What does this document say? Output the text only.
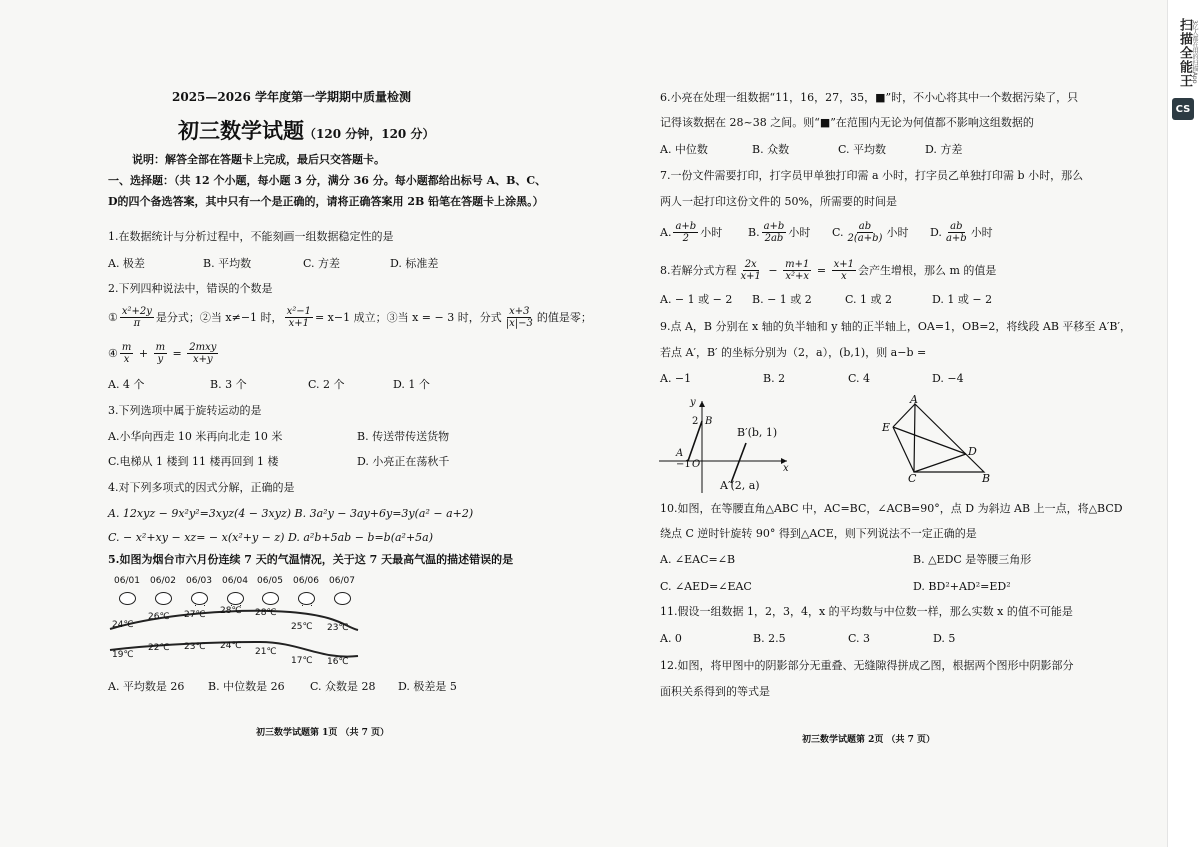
2025—2026 学年度第一学期期中质量检测
初三数学试题（120 分钟，120 分）
说明：解答全部在答题卡上完成，最后只交答题卡。
一、选择题：（共 12 个小题，每小题 3 分，满分 36 分。每小题都给出标号 A、B、C、
D的四个备选答案，其中只有一个是正确的，请将正确答案用 2B 铅笔在答题卡上涂黑。）
1.在数据统计与分析过程中，不能刻画一组数据稳定性的是
A. 极差	B. 平均数	C. 方差	D. 标准差
2.下列四种说法中，错误的个数是
① $\frac{\text{x²+2y}}{\pi}$ 是分式；②当 x≠−1 时， $\frac{\text{x²−1}}{x+1} = x-1$ 成立；③当 x = − 3 时，分式 $\frac{x+3}{|x|-3}$ 的值是零；
④ $\frac{m}{x} + \frac{m}{y} = \frac{\text{2mxy}}{x+y}$
A. 4 个	B. 3 个	C. 2 个	D. 1 个
3.下列选项中属于旋转运动的是
A.小华向西走 10 米再向北走 10 米	B. 传送带传送货物
C.电梯从 1 楼到 11 楼再回到 1 楼	D. 小亮正在荡秋千
4.对下列多项式的因式分解，正确的是
A. 12xyz − 9x²y²=3xyz(4 − 3xyz) B. 3a²y − 3ay+6y=3y(a² − a+2)
C. − x²+xy − xz= − x(x²+y − z) D. a²b+5ab − b=b(a²+5a)
5.如图为烟台市六月份连续 7 天的气温情况，关于这 7 天最高气温的描述错误的是
06/01
24℃
19℃
06/02
26℃
22℃
06/03
27℃
23℃
06/04
28℃
24℃
06/05
28℃
21℃
06/06
25℃
17℃
06/07
23℃
16℃
A. 平均数是 26 B. 中位数是 26 C. 众数是 28 D. 极差是 5
初三数学试题第 1页 （共 7 页）
6.小亮在处理一组数据“11，16，27，35，■”时，不小心将其中一个数据污染了，只
记得该数据在 28~38 之间。则“■”在范围内无论为何值都不影响这组数据的
A. 中位数	B. 众数	C. 平均数	D. 方差
7.一份文件需要打印，打字员甲单独打印需 a 小时，打字员乙单独打印需 b 小时，那么
两人一起打印这份文件的 50%，所需要的时间是
A. $\frac{a+b}{2}$ 小时 B. $\frac{a+b}{2ab}$ 小时 C. $\frac{ab}{2(a+b)}$ 小时 D. $\frac{ab}{a+b}$ 小时
8.若解分式方程 $\frac{2x}{x+1} - \frac{m+1}{\text{x²+x}} = \frac{x+1}{x}$ 会产生增根，那么 m 的值是
A. − 1 或 − 2 B. − 1 或 2	C. 1 或 2	D. 1 或 − 2
9.点 A，B 分别在 x 轴的负半轴和 y 轴的正半轴上，OA=1，OB=2，将线段 AB 平移至 A′B′，
若点 A′，B′ 的坐标分别为（2，a），(b,1)，则 a−b =
A. −1	B. 2	C. 4	D. −4
y
x
2 B
A
−1 O
B′(b, 1)
A′(2, a)
A
E
D
C	B
10.如图，在等腰直角△ABC 中，AC=BC，∠ACB=90°，点 D 为斜边 AB 上一点，将△BCD
绕点 C 逆时针旋转 90° 得到△ACE，则下列说法不一定正确的是
A. ∠EAC=∠B	B. △EDC 是等腰三角形
C. ∠AED=∠EAC	D. BD²+AD²=ED²
11.假设一组数据 1，2，3，4，x 的平均数与中位数一样，那么实数 x 的值不可能是
A. 0	B. 2.5	C. 3	D. 5
12.如图，将甲图中的阴影部分无重叠、无缝隙得拼成乙图，根据两个图形中阴影部分
面积关系得到的等式是
初三数学试题第 2页 （共 7 页）
扫描全能王 3亿人都在用的扫描App
CS
